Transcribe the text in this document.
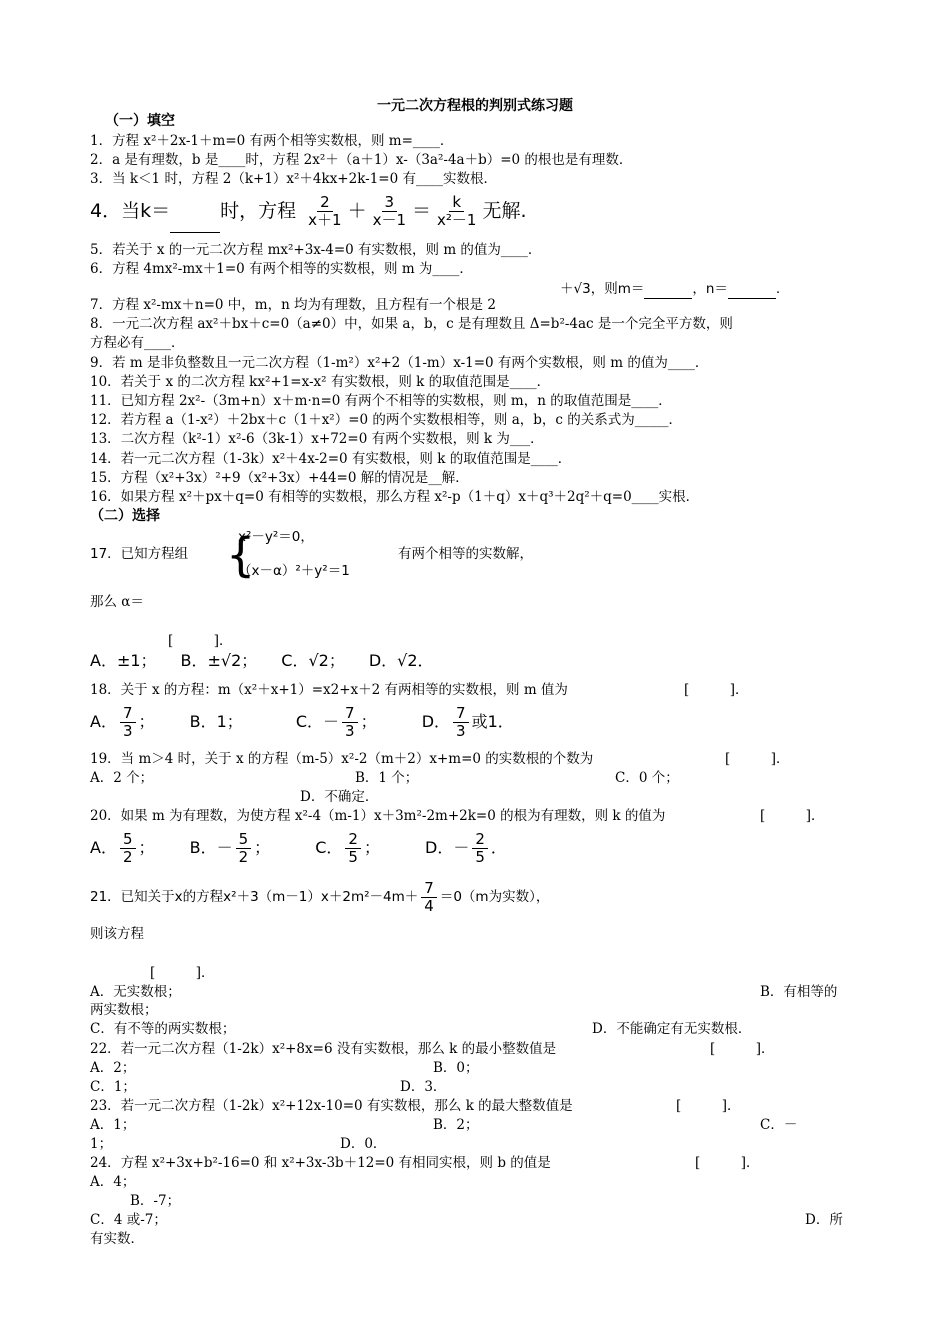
一元二次方程根的判别式练习题
（一）填空
1．方程 x²＋2x-1＋m=0 有两个相等实数根，则 m=____．
2．a 是有理数，b 是____时，方程 2x²＋（a＋1）x-（3a²-4a＋b）=0 的根也是有理数．
3．当 k＜1 时，方程 2（k+1）x²＋4kx+2k-1=0 有____实数根．
4．当k＝	时，方程 $\frac{2}{x+1} + \frac{3}{x-1} = \frac{k}{\text{x²－1}}$ 无解.
5．若关于 x 的一元二次方程 mx²+3x-4=0 有实数根，则 m 的值为____．
6．方程 4mx²-mx＋1=0 有两个相等的实数根，则 m 为____．
7．方程 x²-mx＋n=0 中，m，n 均为有理数，且方程有一个根是 2
＋√3，则m＝	，n＝	.
8．一元二次方程 ax²＋bx＋c=0（a≠0）中，如果 a，b，c 是有理数且 Δ=b²-4ac 是一个完全平方数，则
方程必有____．
9．若 m 是非负整数且一元二次方程（1-m²）x²+2（1-m）x-1=0 有两个实数根，则 m 的值为____．
10．若关于 x 的二次方程 kx²+1=x-x² 有实数根，则 k 的取值范围是____．
11．已知方程 2x²-（3m+n）x＋m·n=0 有两个不相等的实数根，则 m，n 的取值范围是____．
12．若方程 a（1-x²）＋2bx＋c（1＋x²）=0 的两个实数根相等，则 a，b，c 的关系式为_____．
13．二次方程（k²-1）x²-6（3k-1）x+72=0 有两个实数根，则 k 为___．
14．若一元二次方程（1-3k）x²＋4x-2=0 有实数根，则 k 的取值范围是____．
15．方程（x²+3x）²+9（x²+3x）+44=0 解的情况是__解．
16．如果方程 x²＋px＋q=0 有相等的实数根，那么方程 x²-p（1＋q）x＋q³＋2q²＋q=0____实根．
（二）选择
17．已知方程组 {
x²－y²＝0，
（x－α）²＋y²＝1
有两个相等的实数解，
那么 α＝
[　　　]．
A．±1；　　B．±√2；　　C．√2；　　D．√2．
18．关于 x 的方程：m（x²＋x+1）=x2+x＋2 有两相等的实数根，则 m 值为	[　　　]．
A． $\frac{7}{3}$ ； B．1；	C．－ $\frac{7}{3}$ ；	D． $\frac{7}{3}$ 或1．
19．当 m＞4 时，关于 x 的方程（m-5）x²-2（m＋2）x+m=0 的实数根的个数为	[　　　]．
A．2 个；	B．1 个；	C．0 个；
D．不确定．
20．如果 m 为有理数，为使方程 x²-4（m-1）x＋3m²-2m+2k=0 的根为有理数，则 k 的值为	[　　　]．
A． $\frac{5}{2}$ ； B．－ $\frac{5}{2}$ ；	C． $\frac{2}{5}$ ；	D．－ $\frac{2}{5}$ ．
21．已知关于x的方程$x^2+3(m-1)x+2m^2-4m+ \frac{7}{4} =0(m$为实数），
则该方程
[　　　]．
A．无实数根；	B．有相等的
两实数根；
C．有不等的两实数根；	D．不能确定有无实数根．
22．若一元二次方程（1-2k）x²+8x=6 没有实数根，那么 k 的最小整数值是	[　　　]．
A．2；	B．0；
C．1；	D．3．
23．若一元二次方程（1-2k）x²+12x-10=0 有实数根，那么 k 的最大整数值是	[　　　]．
A．1；	B．2；	C．－
1；	D．0．
24．方程 x²+3x+b²-16=0 和 x²+3x-3b＋12=0 有相同实根，则 b 的值是	[　　　]．
A．4；
B．-7；
C．4 或-7；	D．所
有实数．
